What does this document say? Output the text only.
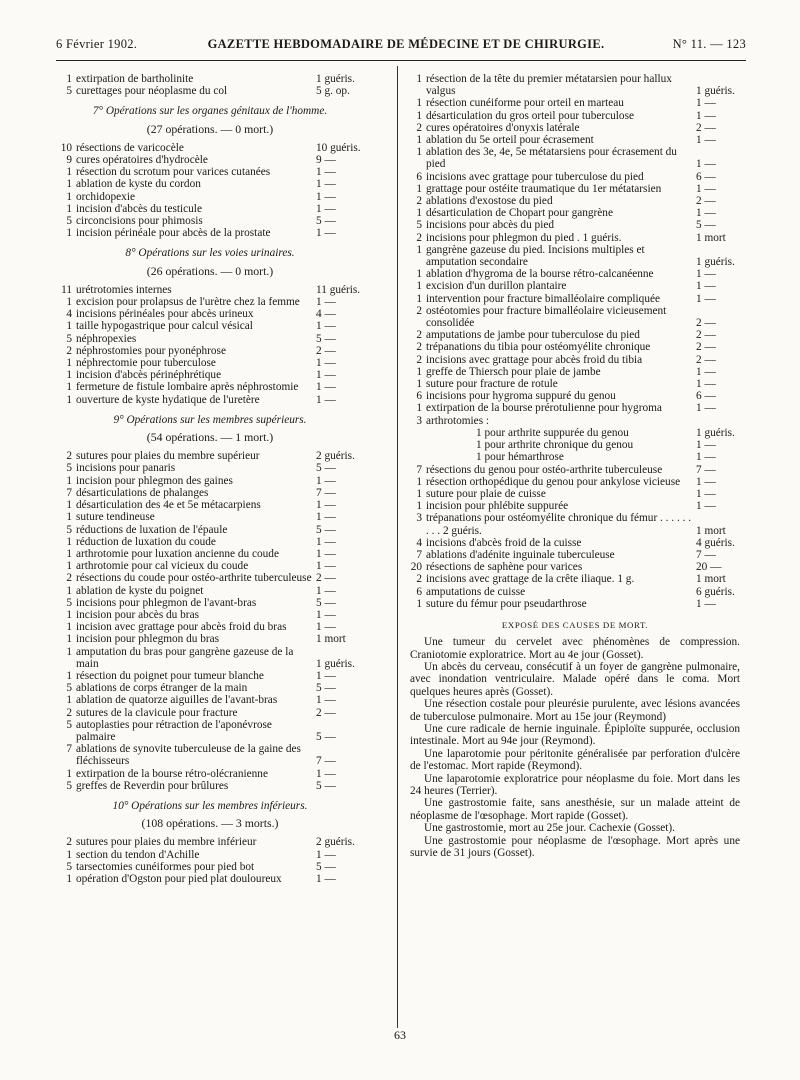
6 Février 1902.	GAZETTE HEBDOMADAIRE DE MÉDECINE ET DE CHIRURGIE.	N° 11. — 123
1 extirpation de bartholinite	1 guéris.
5 curettages pour néoplasme du col	5 g. op.
7° Opérations sur les organes génitaux de l'homme.
(27 opérations. — 0 mort.)
10 résections de varicocèle	10 guéris.
9 cures opératoires d'hydrocèle	9 —
1 résection du scrotum pour varices cutanées	1 —
1 ablation de kyste du cordon	1 —
1 orchidopexie	1 —
1 incision d'abcès du testicule	1 —
5 circoncisions pour phimosis	5 —
1 incision périnéale pour abcès de la prostate	1 —
8° Opérations sur les voies urinaires.
(26 opérations. — 0 mort.)
11 urétrotomies internes	11 guéris.
1 excision pour prolapsus de l'urètre chez la femme	1 —
4 incisions périnéales pour abcès urineux	4 —
1 taille hypogastrique pour calcul vésical	1 —
5 néphropexies	5 —
2 néphrostomies pour pyonéphrose	2 —
1 néphrectomie pour tuberculose	1 —
1 incision d'abcès périnéphrétique	1 —
1 fermeture de fistule lombaire après néphrostomie	1 —
1 ouverture de kyste hydatique de l'uretère	1 —
9° Opérations sur les membres supérieurs.
(54 opérations. — 1 mort.)
2 sutures pour plaies du membre supérieur	2 guéris.
5 incisions pour panaris	5 —
1 incision pour phlegmon des gaines	1 —
7 désarticulations de phalanges	7 —
1 désarticulation des 4e et 5e métacarpiens	1 —
1 suture tendineuse	1 —
5 réductions de luxation de l'épaule	5 —
1 réduction de luxation du coude	1 —
1 arthrotomie pour luxation ancienne du coude	1 —
1 arthrotomie pour cal vicieux du coude	1 —
2 résections du coude pour ostéo-arthrite tuberculeuse 2 —
1 ablation de kyste du poignet	1 —
5 incisions pour phlegmon de l'avant-bras	5 —
1 incision pour abcès du bras	1 —
1 incision avec grattage pour abcès froid du bras	1 —
1 incision pour phlegmon du bras	1 mort
1 amputation du bras pour gangrène gazeuse de la main	1 guéris.
1 résection du poignet pour tumeur blanche	1 —
5 ablations de corps étranger de la main	5 —
1 ablation de quatorze aiguilles de l'avant-bras	1 —
2 sutures de la clavicule pour fracture	2 —
5 autoplasties pour rétraction de l'aponévrose palmaire	5 —
7 ablations de synovite tuberculeuse de la gaine des fléchisseurs	7 —
1 extirpation de la bourse rétro-olécranienne	1 —
5 greffes de Reverdin pour brûlures	5 —
10° Opérations sur les membres inférieurs.
(108 opérations. — 3 morts.)
2 sutures pour plaies du membre inférieur	2 guéris.
1 section du tendon d'Achille	1 —
5 tarsectomies cunéiformes pour pied bot	5 —
1 opération d'Ogston pour pied plat douloureux	1 —
1 résection de la tête du premier métatarsien pour hallux valgus	1 guéris.
1 résection cunéiforme pour orteil en marteau	1 —
1 désarticulation du gros orteil pour tuberculose	1 —
2 cures opératoires d'onyxis latérale	2 —
1 ablation du 5e orteil pour écrasement	1 —
1 ablation des 3e, 4e, 5e métatarsiens pour écrasement du pied	1 —
6 incisions avec grattage pour tuberculose du pied	6 —
1 grattage pour ostéite traumatique du 1er métatarsien	1 —
2 ablations d'exostose du pied	2 —
1 désarticulation de Chopart pour gangrène	1 —
5 incisions pour abcès du pied	5 —
2 incisions pour phlegmon du pied . 1 guéris.	1 mort
1 gangrène gazeuse du pied. Incisions multiples et amputation secondaire	1 guéris.
1 ablation d'hygroma de la bourse rétro-calcanéenne	1 —
1 excision d'un durillon plantaire	1 —
1 intervention pour fracture bimalléolaire compliquée	1 —
2 ostéotomies pour fracture bimalléolaire vicieusement consolidée	2 —
2 amputations de jambe pour tuberculose du pied	2 —
2 trépanations du tibia pour ostéomyélite chronique	2 —
2 incisions avec grattage pour abcès froid du tibia	2 —
1 greffe de Thiersch pour plaie de jambe	1 —
1 suture pour fracture de rotule	1 —
6 incisions pour hygroma suppuré du genou	6 —
1 extirpation de la bourse prérotulienne pour hygroma	1 —
3 arthrotomies :
1 pour arthrite suppurée du genou	1 guéris.
1 pour arthrite chronique du genou	1 —
1 pour hémarthrose	1 —
7 résections du genou pour ostéo-arthrite tuberculeuse	7 —
1 résection orthopédique du genou pour ankylose vicieuse	1 —
1 suture pour plaie de cuisse	1 —
1 incision pour phlébite suppurée	1 —
3 trépanations pour ostéomyélite chronique du fémur . . . . . . . . . 2 guéris.	1 mort
4 incisions d'abcès froid de la cuisse	4 guéris.
7 ablations d'adénite inguinale tuberculeuse	7 —
20 résections de saphène pour varices	20 —
2 incisions avec grattage de la crête iliaque. 1 g.	1 mort
6 amputations de cuisse	6 guéris.
1 suture du fémur pour pseudarthrose	1 —
EXPOSÉ DES CAUSES DE MORT.
Une tumeur du cervelet avec phénomènes de compression. Craniotomie exploratrice. Mort au 4e jour (Gosset).
Un abcès du cerveau, consécutif à un foyer de gangrène pulmonaire, avec inondation ventriculaire. Malade opéré dans le coma. Mort quelques heures après (Gosset).
Une résection costale pour pleurésie purulente, avec lésions avancées de tuberculose pulmonaire. Mort au 15e jour (Reymond)
Une cure radicale de hernie inguinale. Épiploïte suppurée, occlusion intestinale. Mort au 94e jour (Reymond).
Une laparotomie pour péritonite généralisée par perforation d'ulcère de l'estomac. Mort rapide (Reymond).
Une laparotomie exploratrice pour néoplasme du foie. Mort dans les 24 heures (Terrier).
Une gastrostomie faite, sans anesthésie, sur un malade atteint de néoplasme de l'œsophage. Mort rapide (Gosset).
Une gastrostomie, mort au 25e jour. Cachexie (Gosset).
Une gastrostomie pour néoplasme de l'œsophage. Mort après une survie de 31 jours (Gosset).
63
